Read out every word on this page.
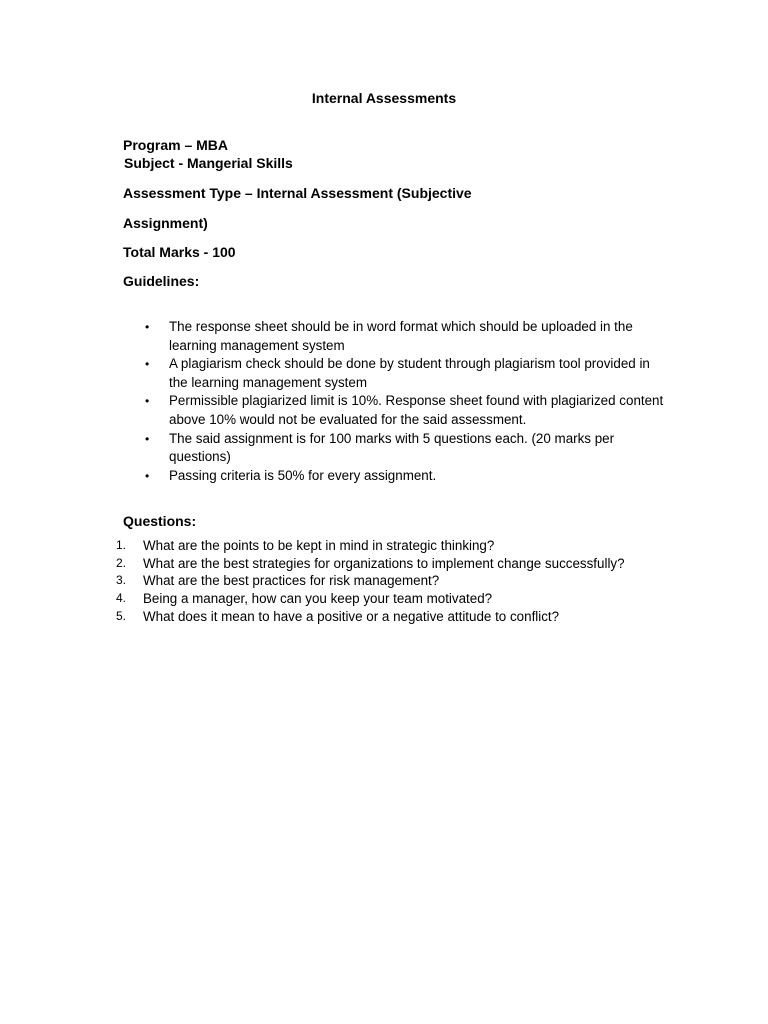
Internal Assessments
Program – MBA
Subject - Mangerial Skills
Assessment Type – Internal Assessment (Subjective
Assignment)
Total Marks - 100
Guidelines:
• The response sheet should be in word format which should be uploaded in the learning management system
• A plagiarism check should be done by student through plagiarism tool provided in the learning management system
• Permissible plagiarized limit is 10%. Response sheet found with plagiarized content above 10% would not be evaluated for the said assessment.
• The said assignment is for 100 marks with 5 questions each. (20 marks per questions)
• Passing criteria is 50% for every assignment.
Questions:
1. What are the points to be kept in mind in strategic thinking?
2. What are the best strategies for organizations to implement change successfully?
3. What are the best practices for risk management?
4. Being a manager, how can you keep your team motivated?
5. What does it mean to have a positive or a negative attitude to conflict?
